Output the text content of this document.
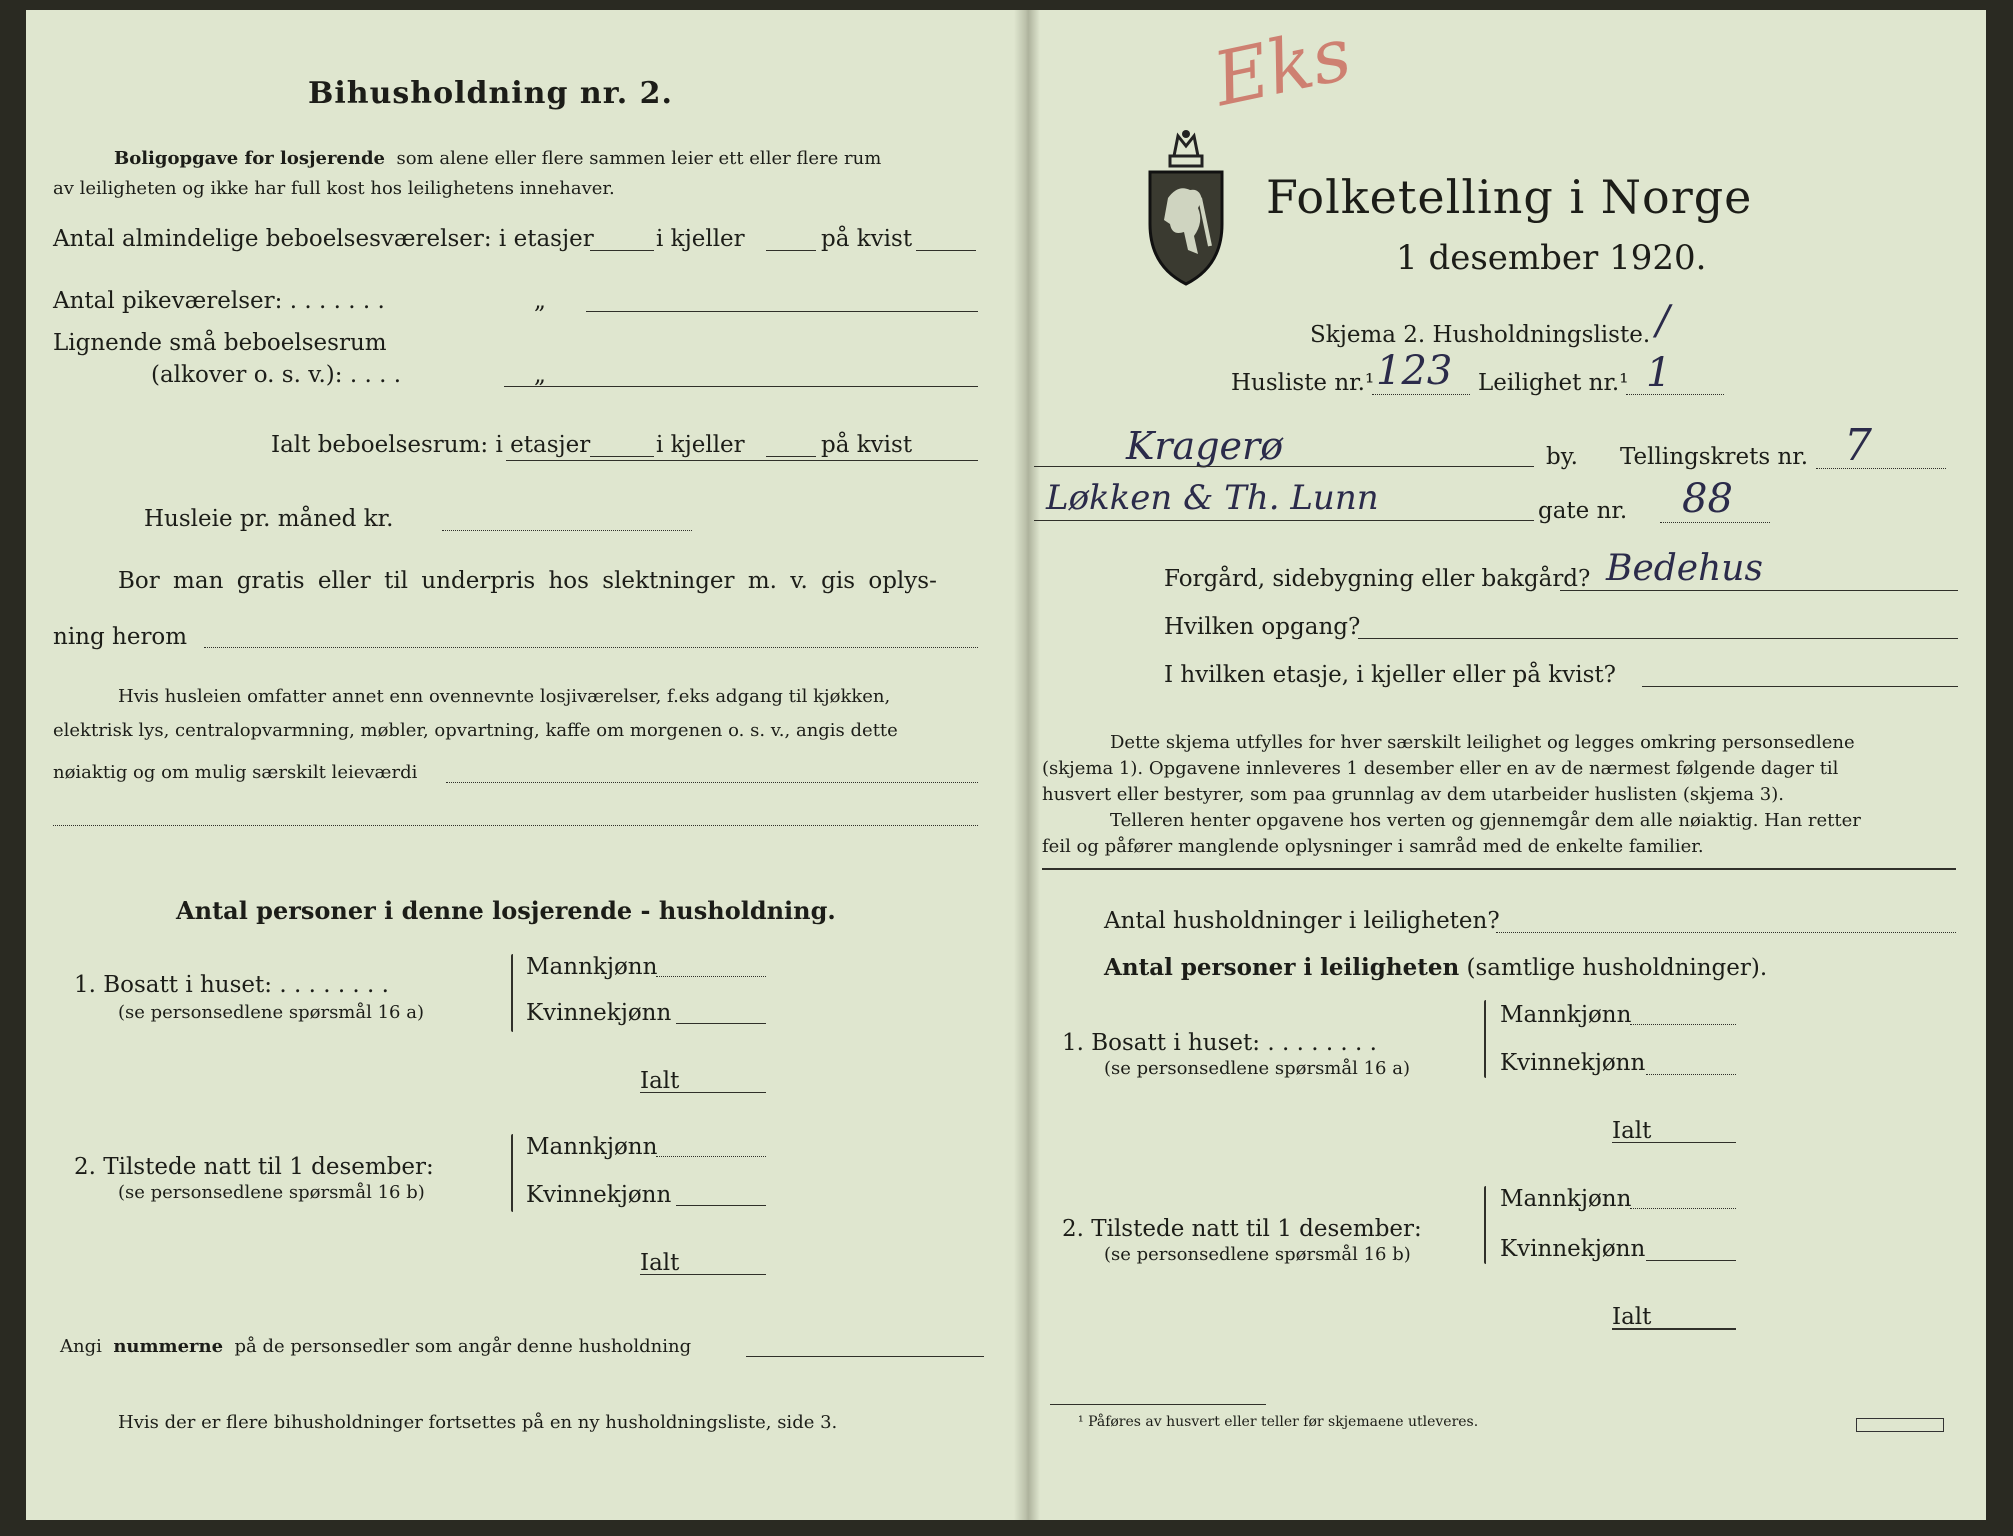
Bihusholdning nr. 2.
Boligopgave for losjerende som alene eller flere sammen leier ett eller flere rum
av leiligheten og ikke har full kost hos leilighetens innehaver.
Antal almindelige beboelsesværelser: i etasjer	i kjeller	på kvist
Antal pikeværelser: . . . . . . .	„
Lignende små beboelsesrum
(alkover o. s. v.): . . . .	„
Ialt beboelsesrum: i etasjer	i kjeller	på kvist
Husleie pr. måned kr.
Bor man gratis eller til underpris hos slektninger m. v. gis oplys-
ning herom
Hvis husleien omfatter annet enn ovennevnte losjiværelser, f.eks adgang til kjøkken,
elektrisk lys, centralopvarmning, møbler, opvartning, kaffe om morgenen o. s. v., angis dette
nøiaktig og om mulig særskilt leieværdi
Antal personer i denne losjerende - husholdning.
1. Bosatt i huset: . . . . . . . .
(se personsedlene spørsmål 16 a)
Mannkjønn
Kvinnekjønn
Ialt
2. Tilstede natt til 1 desember:
(se personsedlene spørsmål 16 b)
Mannkjønn
Kvinnekjønn
Ialt
Angi nummerne på de personsedler som angår denne husholdning
Hvis der er flere bihusholdninger fortsettes på en ny husholdningsliste, side 3.
Folketelling i Norge
1 desember 1920.
Eks
Skjema 2. Husholdningsliste. /
Husliste nr.¹ 123 Leilighet nr.¹ 1
Kragerø	by. Tellingskrets nr. 7
Løkken & Th. Lunn	gate nr. 88
Forgård, sidebygning eller bakgård? Bedehus
Hvilken opgang?
I hvilken etasje, i kjeller eller på kvist?
Dette skjema utfylles for hver særskilt leilighet og legges omkring personsedlene
(skjema 1). Opgavene innleveres 1 desember eller en av de nærmest følgende dager til
husvert eller bestyrer, som paa grunnlag av dem utarbeider huslisten (skjema 3).
Telleren henter opgavene hos verten og gjennemgår dem alle nøiaktig. Han retter
feil og påfører manglende oplysninger i samråd med de enkelte familier.
Antal husholdninger i leiligheten?
Antal personer i leiligheten (samtlige husholdninger).
1. Bosatt i huset: . . . . . . . .
(se personsedlene spørsmål 16 a)
Mannkjønn
Kvinnekjønn
Ialt
2. Tilstede natt til 1 desember:
(se personsedlene spørsmål 16 b)
Mannkjønn
Kvinnekjønn
Ialt
¹ Påføres av husvert eller teller før skjemaene utleveres.
